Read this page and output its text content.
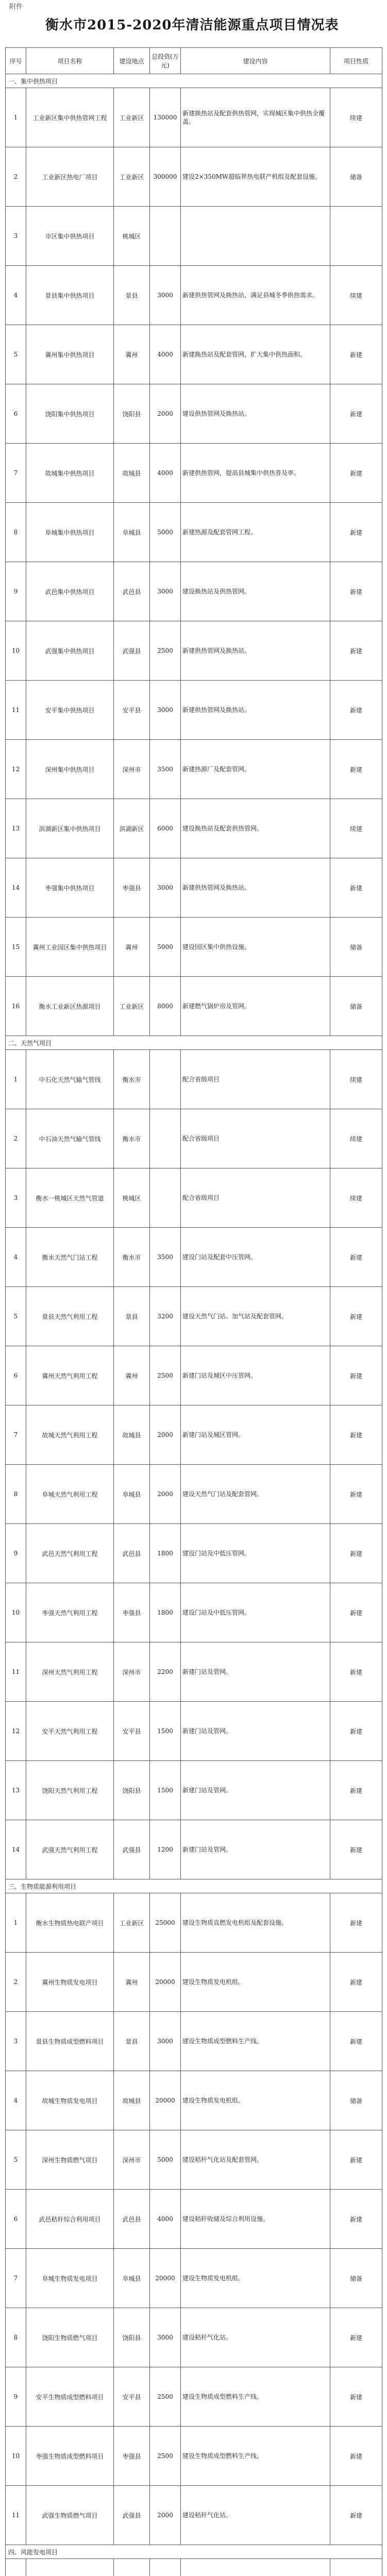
附件
衡水市2015-2020年清洁能源重点项目情况表
序号	项目名称	建设地点	总投资(万元)	建设内容	项目性质
一、集中供热项目					
1	工业新区集中供热管网工程	工业新区	130000	新建换热站及配套供热管网，实现城区集中供热全覆盖。	续建
2	工业新区热电厂项目	工业新区	300000	建设2×350MW超临界热电联产机组及配套设施。	储备
3	市区集中供热项目	桃城区			
4	景县集中供热项目	景县	3000	新建供热管网及换热站，满足县城冬季供热需求。	续建
5	冀州集中供热项目	冀州	4000	新建换热站及配套管网，扩大集中供热面积。	新建
6	饶阳集中供热项目	饶阳县	2000	建设供热管网及换热站。	新建
7	故城集中供热项目	故城县	4000	新建供热管网，提高县城集中供热普及率。	新建
8	阜城集中供热项目	阜城县	5000	新建热源及配套管网工程。	新建
9	武邑集中供热项目	武邑县	3000	建设换热站及供热管网。	新建
10	武强集中供热项目	武强县	2500	新建供热管网及换热站。	新建
11	安平集中供热项目	安平县	3000	新建供热管网及换热站。	新建
12	深州集中供热项目	深州市	3500	新建热源厂及配套管网。	新建
13	滨湖新区集中供热项目	滨湖新区	6000	建设换热站及配套供热管网。	续建
14	枣强集中供热项目	枣强县	3000	新建供热管网及换热站。	新建
15	冀州工业园区集中供热项目	冀州	5000	建设园区集中供热设施。	储备
16	衡水工业新区热源项目	工业新区	8000	新建燃气锅炉房及管网。	储备
二、天然气项目					
1	中石化天然气输气管线	衡水市		配合省级项目	续建
2	中石油天然气输气管线	衡水市		配合省级项目	续建
3	衡水一桃城区天然气管道	桃城区		配合省级项目	续建
4	衡水天然气门站工程	衡水市	3500	建设门站及配套中压管网。	新建
5	景县天然气利用工程	景县	3200	建设天然气门站、加气站及配套管网。	新建
6	冀州天然气利用工程	冀州	2500	新建门站及城区中压管网。	新建
7	故城天然气利用工程	故城县	2000	新建门站及城区管网。	新建
8	阜城天然气利用工程	阜城县	2000	建设天然气门站及配套管网。	新建
9	武邑天然气利用工程	武邑县	1800	建设门站及中低压管网。	新建
10	枣强天然气利用工程	枣强县	1800	建设门站及中低压管网。	新建
11	深州天然气利用工程	深州市	2200	新建门站及管网。	新建
12	安平天然气利用工程	安平县	1500	新建门站及管网。	新建
13	饶阳天然气利用工程	饶阳县	1500	新建门站及管网。	新建
14	武强天然气利用工程	武强县	1200	新建门站及管网。	新建
三、生物质能源利用项目					
1	衡水生物质热电联产项目	工业新区	25000	建设生物质直燃发电机组及配套设施。	新建
2	冀州生物质发电项目	冀州	20000	建设生物质发电机组。	新建
3	景县生物质成型燃料项目	景县	3000	建设生物质成型燃料生产线。	新建
4	故城生物质发电项目	故城县	20000	建设生物质发电机组。	储备
5	深州生物质燃气项目	深州市	5000	建设秸秆气化站及配套管网。	新建
6	武邑秸秆综合利用项目	武邑县	4000	建设秸秆收储及综合利用设施。	新建
7	阜城生物质发电项目	阜城县	20000	建设生物质发电机组。	储备
8	饶阳生物质燃气项目	饶阳县	3000	建设秸秆气化站。	新建
9	安平生物质成型燃料项目	安平县	2500	建设生物质成型燃料生产线。	新建
10	枣强生物质成型燃料项目	枣强县	2500	建设生物质成型燃料生产线。	新建
11	武强生物质燃气项目	武强县	2000	建设秸秆气化站。	新建
四、风能发电项目					
